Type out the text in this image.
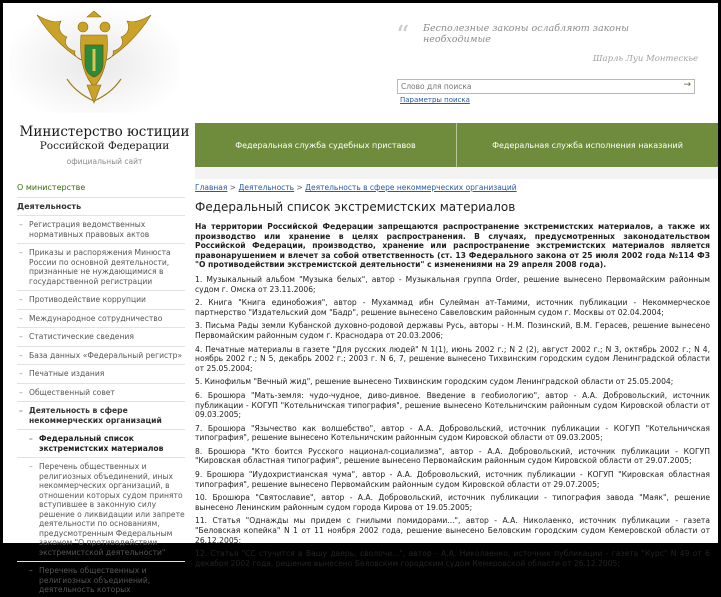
Министерство юстиции
Российской Федерации
официальный сайт
“ Бесполезные законы ослабляют законы необходимые
Шарль Луи Монтескье
Слово для поиска
→
Параметры поиска
Федеральная служба судебных приставов	Федеральная служба исполнения наказаний
О министерстве
Деятельность
– Регистрация ведомственных нормативных правовых актов
– Приказы и распоряжения Минюста России по основной деятельности, признанные не нуждающимися в государственной регистрации
– Противодействие коррупции
– Международное сотрудничество
– Статистические сведения
– База данных «Федеральный регистр»
– Печатные издания
– Общественный совет
– Деятельность в сфере некоммерческих организаций
– Федеральный список экстремистских материалов
– Перечень общественных и религиозных объединений, иных некоммерческих организаций, в отношении которых судом принято вступившее в законную силу решение о ликвидации или запрете деятельности по основаниям, предусмотренным Федеральным законом "О противодействии экстремистской деятельности"
– Перечень общественных и религиозных объединений, деятельность которых
Главная > Деятельность > Деятельность в сфере некоммерческих организаций
Федеральный список экстремистских материалов

На территории Российской Федерации запрещаются распространение экстремистских материалов, а также их производство или хранение в целях распространения. В случаях, предусмотренных законодательством Российской Федерации, производство, хранение или распространение экстремистских материалов является правонарушением и влечет за собой ответственность (ст. 13 Федерального закона от 25 июля 2002 года №114 ФЗ "О противодействии экстремистской деятельности" с изменениями на 29 апреля 2008 года).

1. Музыкальный альбом "Музыка белых", автор - Музыкальная группа Order, решение вынесено Первомайским районным судом г. Омска от 23.11.2006;

2. Книга "Книга единобожия", автор - Мухаммад ибн Сулейман ат-Тамими, источник публикации - Некоммерческое партнерство "Издательский дом "Бадр", решение вынесено Савеловским районным судом г. Москвы от 02.04.2004;

3. Письма Рады земли Кубанской духовно-родовой державы Русь, авторы - Н.М. Позинский, В.М. Герасев, решение вынесено Первомайским районным судом г. Краснодара от 20.03.2006;

4. Печатные материалы в газете "Для русских людей" N 1(1), июнь 2002 г.; N 2 (2), август 2002 г.; N 3, октябрь 2002 г.; N 4, ноябрь 2002 г.; N 5, декабрь 2002 г.; 2003 г. N 6, 7, решение вынесено Тихвинским городским судом Ленинградской области от 25.05.2004;

5. Кинофильм "Вечный жид", решение вынесено Тихвинским городским судом Ленинградской области от 25.05.2004;

6. Брошюра "Мать-земля: чудо-чудное, диво-дивное. Введение в геобиологию", автор - А.А. Добровольский, источник публикации - КОГУП "Котельничская типография", решение вынесено Котельничским районным судом Кировской области от 09.03.2005;

7. Брошюра "Язычество как волшебство", автор - А.А. Добровольский, источник публикации - КОГУП "Котельничская типография", решение вынесено Котельничским районным судом Кировской области от 09.03.2005;

8. Брошюра "Кто боится Русского национал-социализма", автор - А.А. Добровольский, источник публикации - КОГУП "Кировская областная типография", решение вынесено Первомайским районным судом Кировской области от 29.07.2005;

9. Брошюра "Иудохристианская чума", автор - А.А. Добровольский, источник публикации - КОГУП "Кировская областная типография", решение вынесено Первомайским районным судом Кировской области от 29.07.2005;

10. Брошюра "Святославие", автор - А.А. Добровольский, источник публикации - типография завода "Маяк", решение вынесено Ленинским районным судом города Кирова от 19.05.2005;

11. Статья "Однажды мы придем с гнилыми помидорами...", автор - А.А. Николаенко, источник публикации - газета "Беловская копейка" N 1 от 11 ноября 2002 года, решение вынесено Беловским городским судом Кемеровской области от 26.12.2005;

12. Статья "СС стучится в Вашу дверь, сволочи...", автор - А.А. Николаенко, источник публикации - газета "Курс" N 49 от 6 декабря 2002 года, решение вынесено Беловским городским судом Кемеровской области от 26.12.2005;
